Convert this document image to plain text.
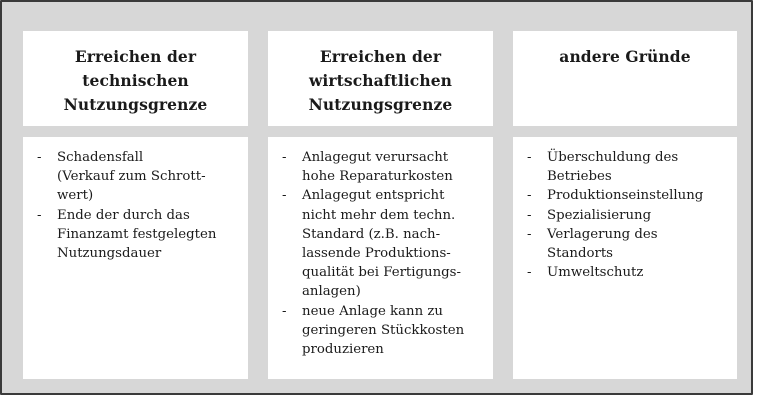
Erreichen der
technischen
Nutzungsgrenze
Erreichen der
wirtschaftlichen
Nutzungsgrenze
andere Gründe
- Schadensfall
(Verkauf zum Schrott-
wert)
- Ende der durch das
Finanzamt festgelegten
Nutzungsdauer
- Anlagegut verursacht
hohe Reparaturkosten
- Anlagegut entspricht
nicht mehr dem techn.
Standard (z.B. nach-
lassende Produktions-
qualität bei Fertigungs-
anlagen)
- neue Anlage kann zu
geringeren Stückkosten
produzieren
- Überschuldung des
Betriebes
- Produktionseinstellung
- Spezialisierung
- Verlagerung des
Standorts
- Umweltschutz
